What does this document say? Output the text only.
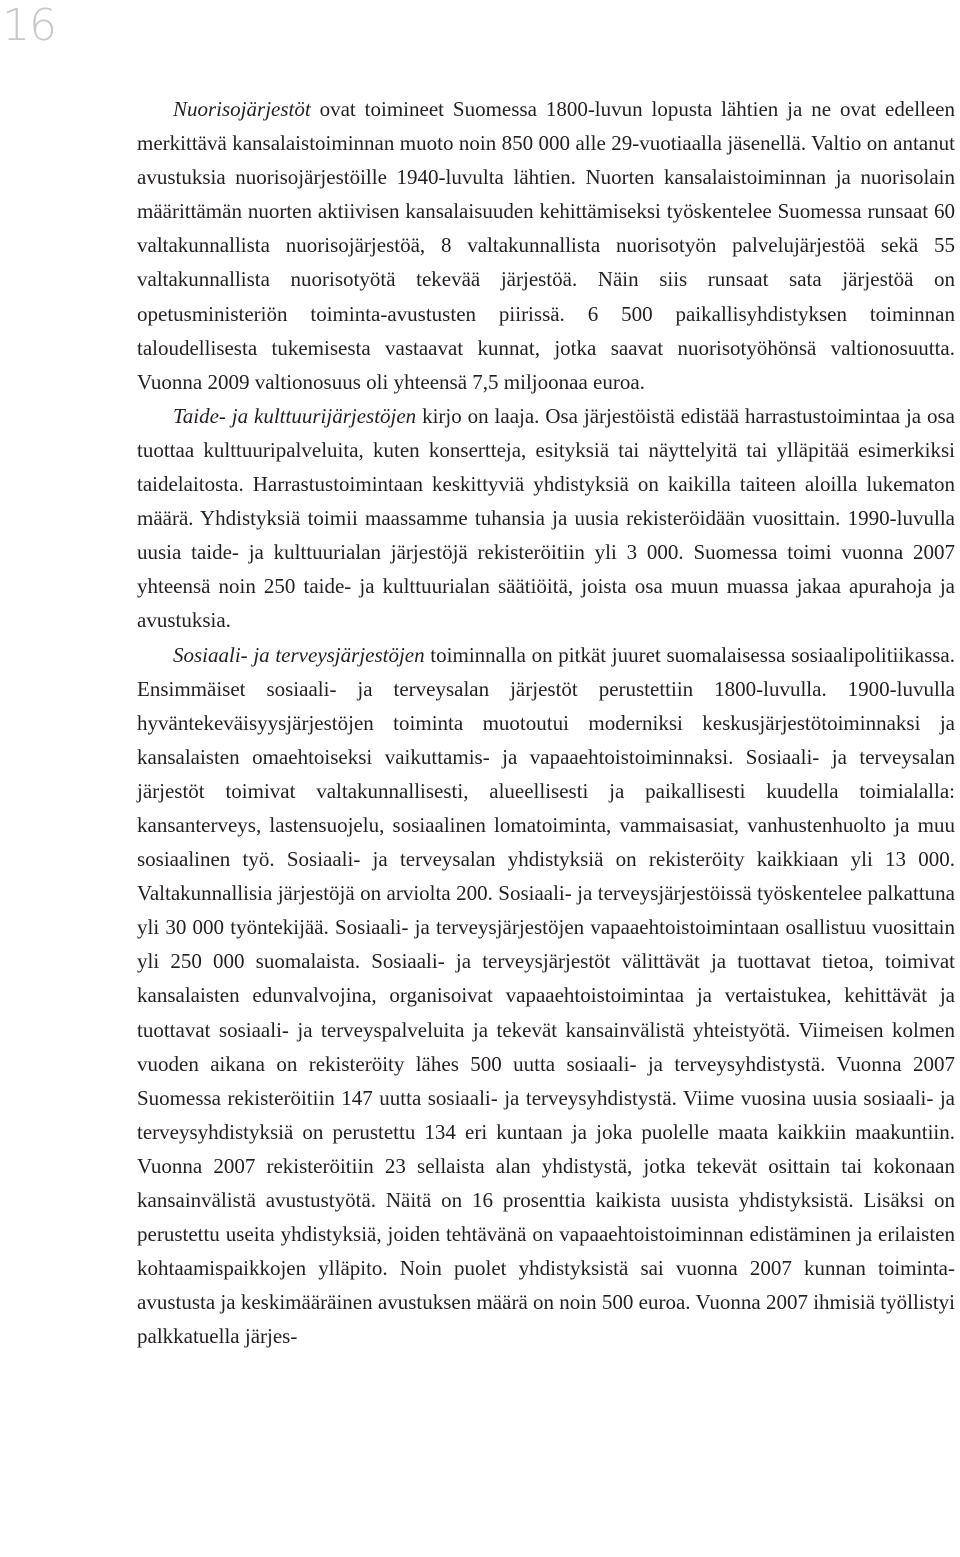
16

Nuorisojärjestöt ovat toimineet Suomessa 1800-luvun lopusta lähtien ja ne ovat edelleen merkittävä kansalaistoiminnan muoto noin 850 000 alle 29-vuotiaalla jäsenellä. Valtio on antanut avustuksia nuorisojärjestöille 1940-luvulta lähtien. Nuorten kansalaistoiminnan ja nuorisolain määrittämän nuorten aktiivisen kansalaisuuden kehittämiseksi työskentelee Suomessa runsaat 60 valtakunnallista nuorisojärjestöä, 8 valtakunnallista nuorisotyön palvelujärjestöä sekä 55 valtakunnallista nuorisotyötä tekevää järjestöä. Näin siis runsaat sata järjestöä on opetusministeriön toiminta-avustusten piirissä. 6 500 paikallisyhdistyksen toiminnan taloudellisesta tukemisesta vastaavat kunnat, jotka saavat nuorisotyöhönsä valtionosuutta. Vuonna 2009 valtionosuus oli yhteensä 7,5 miljoonaa euroa.

Taide- ja kulttuurijärjestöjen kirjo on laaja. Osa järjestöistä edistää harrastustoimintaa ja osa tuottaa kulttuuripalveluita, kuten konsertteja, esityksiä tai näyttelyitä tai ylläpitää esimerkiksi taidelaitosta. Harrastustoimintaan keskittyviä yhdistyksiä on kaikilla taiteen aloilla lukematon määrä. Yhdistyksiä toimii maassamme tuhansia ja uusia rekisteröidään vuosittain. 1990-luvulla uusia taide- ja kulttuurialan järjestöjä rekisteröitiin yli 3 000. Suomessa toimi vuonna 2007 yhteensä noin 250 taide- ja kulttuurialan säätiöitä, joista osa muun muassa jakaa apurahoja ja avustuksia.

Sosiaali- ja terveysjärjestöjen toiminnalla on pitkät juuret suomalaisessa sosiaalipolitiikassa. Ensimmäiset sosiaali- ja terveysalan järjestöt perustettiin 1800-luvulla. 1900-luvulla hyväntekeväisyysjärjestöjen toiminta muotoutui moderniksi keskusjärjestötoiminnaksi ja kansalaisten omaehtoiseksi vaikuttamis- ja vapaaehtoistoiminnaksi. Sosiaali- ja terveysalan järjestöt toimivat valtakunnallisesti, alueellisesti ja paikallisesti kuudella toimialalla: kansanterveys, lastensuojelu, sosiaalinen lomatoiminta, vammaisasiat, vanhustenhuolto ja muu sosiaalinen työ. Sosiaali- ja terveysalan yhdistyksiä on rekisteröity kaikkiaan yli 13 000. Valtakunnallisia järjestöjä on arviolta 200. Sosiaali- ja terveysjärjestöissä työskentelee palkattuna yli 30 000 työntekijää. Sosiaali- ja terveysjärjestöjen vapaaehtoistoimintaan osallistuu vuosittain yli 250 000 suomalaista. Sosiaali- ja terveysjärjestöt välittävät ja tuottavat tietoa, toimivat kansalaisten edunvalvojina, organisoivat vapaaehtoistoimintaa ja vertaistukea, kehittävät ja tuottavat sosiaali- ja terveyspalveluita ja tekevät kansainvälistä yhteistyötä. Viimeisen kolmen vuoden aikana on rekisteröity lähes 500 uutta sosiaali- ja terveysyhdistystä. Vuonna 2007 Suomessa rekisteröitiin 147 uutta sosiaali- ja terveysyhdistystä. Viime vuosina uusia sosiaali- ja terveysyhdistyksiä on perustettu 134 eri kuntaan ja joka puolelle maata kaikkiin maakuntiin. Vuonna 2007 rekisteröitiin 23 sellaista alan yhdistystä, jotka tekevät osittain tai kokonaan kansainvälistä avustustyötä. Näitä on 16 prosenttia kaikista uusista yhdistyksistä. Lisäksi on perustettu useita yhdistyksiä, joiden tehtävänä on vapaaehtoistoiminnan edistäminen ja erilaisten kohtaamispaikkojen ylläpito. Noin puolet yhdistyksistä sai vuonna 2007 kunnan toiminta-avustusta ja keskimääräinen avustuksen määrä on noin 500 euroa. Vuonna 2007 ihmisiä työllistyi palkkatuella järjes-
